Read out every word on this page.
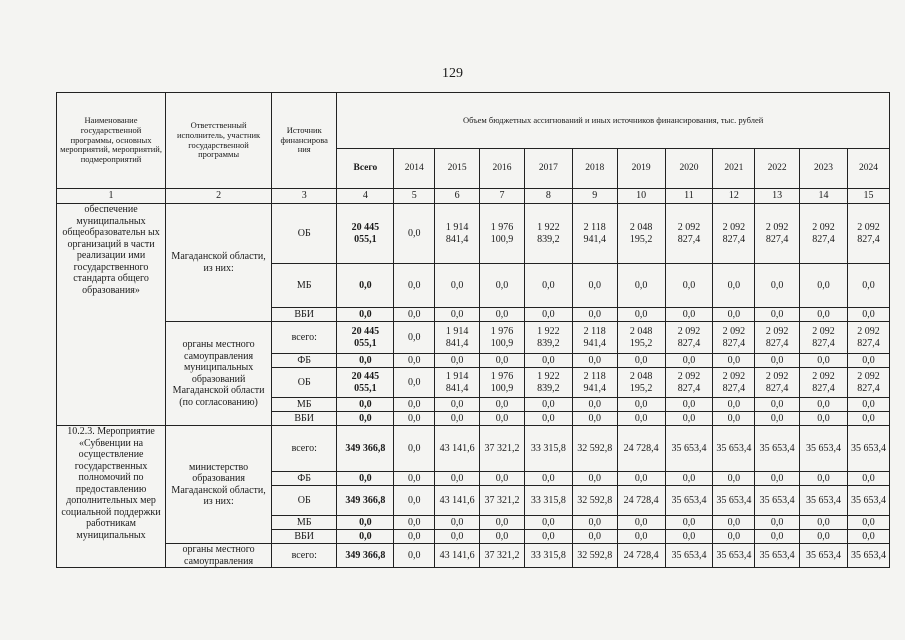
129
Наименование государственной программы, основных мероприятий, мероприятий, подмероприятий	Ответственный исполнитель, участник государственной программы	Источник финансирова ния	Объем бюджетных ассигнований и иных источников финансирования, тыс. рублей											
			Всего	2014	2015	2016	2017	2018	2019	2020	2021	2022	2023	2024
1	2	3	4	5	6	7	8	9	10	11	12	13	14	15
обеспечение муниципальных общеобразовательн ых организаций в части реализации ими государственного стандарта общего образования»	Магаданской области, из них:	ОБ	20 445 055,1	0,0	1 914 841,4	1 976 100,9	1 922 839,2	2 118 941,4	2 048 195,2	2 092 827,4	2 092 827,4	2 092 827,4	2 092 827,4	2 092 827,4
		МБ	0,0	0,0	0,0	0,0	0,0	0,0	0,0	0,0	0,0	0,0	0,0	0,0
		ВБИ	0,0	0,0	0,0	0,0	0,0	0,0	0,0	0,0	0,0	0,0	0,0	0,0
	органы местного самоуправления муниципальных образований Магаданской области (по согласованию)	всего:	20 445 055,1	0,0	1 914 841,4	1 976 100,9	1 922 839,2	2 118 941,4	2 048 195,2	2 092 827,4	2 092 827,4	2 092 827,4	2 092 827,4	2 092 827,4
		ФБ	0,0	0,0	0,0	0,0	0,0	0,0	0,0	0,0	0,0	0,0	0,0	0,0
		ОБ	20 445 055,1	0,0	1 914 841,4	1 976 100,9	1 922 839,2	2 118 941,4	2 048 195,2	2 092 827,4	2 092 827,4	2 092 827,4	2 092 827,4	2 092 827,4
		МБ	0,0	0,0	0,0	0,0	0,0	0,0	0,0	0,0	0,0	0,0	0,0	0,0
		ВБИ	0,0	0,0	0,0	0,0	0,0	0,0	0,0	0,0	0,0	0,0	0,0	0,0
10.2.3. Мероприятие «Субвенции на осуществление государственных полномочий по предоставлению дополнительных мер социальной поддержки работникам муниципальных	министерство образования Магаданской области, из них:	всего:	349 366,8	0,0	43 141,6	37 321,2	33 315,8	32 592,8	24 728,4	35 653,4	35 653,4	35 653,4	35 653,4	35 653,4
		ФБ	0,0	0,0	0,0	0,0	0,0	0,0	0,0	0,0	0,0	0,0	0,0	0,0
		ОБ	349 366,8	0,0	43 141,6	37 321,2	33 315,8	32 592,8	24 728,4	35 653,4	35 653,4	35 653,4	35 653,4	35 653,4
		МБ	0,0	0,0	0,0	0,0	0,0	0,0	0,0	0,0	0,0	0,0	0,0	0,0
		ВБИ	0,0	0,0	0,0	0,0	0,0	0,0	0,0	0,0	0,0	0,0	0,0	0,0
	органы местного самоуправления	всего:	349 366,8	0,0	43 141,6	37 321,2	33 315,8	32 592,8	24 728,4	35 653,4	35 653,4	35 653,4	35 653,4	35 653,4
